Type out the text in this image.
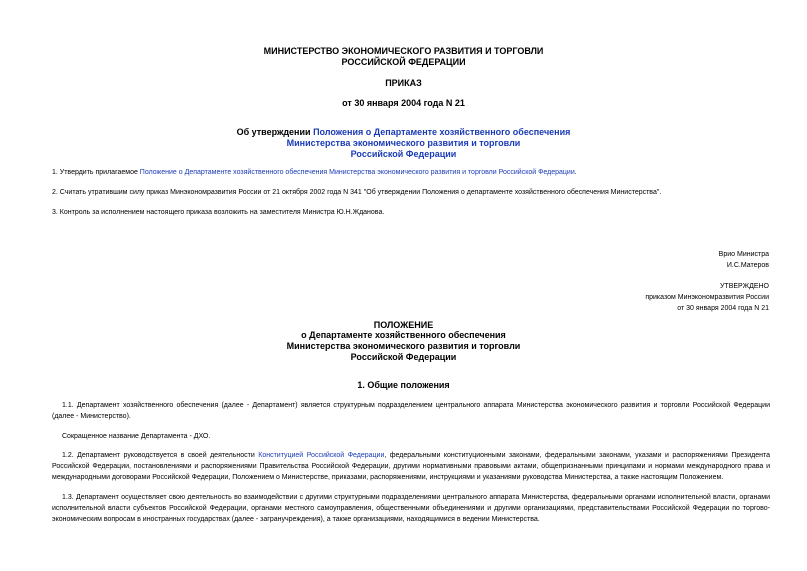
МИНИСТЕРСТВО ЭКОНОМИЧЕСКОГО РАЗВИТИЯ И ТОРГОВЛИ
РОССИЙСКОЙ ФЕДЕРАЦИИ
ПРИКАЗ
от 30 января 2004 года N 21
Об утверждении Положения о Департаменте хозяйственного обеспечения
Министерства экономического развития и торговли
Российской Федерации
1. Утвердить прилагаемое Положение о Департаменте хозяйственного обеспечения Министерства экономического развития и торговли Российской Федерации.
2. Считать утратившим силу приказ Минэкономразвития России от 21 октября 2002 года N 341 "Об утверждении Положения о департаменте хозяйственного обеспечения Министерства".
3. Контроль за исполнением настоящего приказа возложить на заместителя Министра Ю.Н.Жданова.
Врио Министра
И.С.Матеров
УТВЕРЖДЕНО
приказом Минэкономразвития России
от 30 января 2004 года N 21
ПОЛОЖЕНИЕ
о Департаменте хозяйственного обеспечения
Министерства экономического развития и торговли
Российской Федерации
1. Общие положения
1.1. Департамент хозяйственного обеспечения (далее - Департамент) является структурным подразделением центрального аппарата Министерства экономического развития и торговли Российской Федерации (далее - Министерство).
Сокращенное название Департамента - ДХО.
1.2. Департамент руководствуется в своей деятельности Конституцией Российской Федерации, федеральными конституционными законами, федеральными законами, указами и распоряжениями Президента Российской Федерации, постановлениями и распоряжениями Правительства Российской Федерации, другими нормативными правовыми актами, общепризнанными принципами и нормами международного права и международными договорами Российской Федерации, Положением о Министерстве, приказами, распоряжениями, инструкциями и указаниями руководства Министерства, а также настоящим Положением.
1.3. Департамент осуществляет свою деятельность во взаимодействии с другими структурными подразделениями центрального аппарата Министерства, федеральными органами исполнительной власти, органами исполнительной власти субъектов Российской Федерации, органами местного самоуправления, общественными объединениями и другими организациями, представительствами Российской Федерации по торгово-экономическим вопросам в иностранных государствах (далее - загранучреждения), а также организациями, находящимися в ведении Министерства.
